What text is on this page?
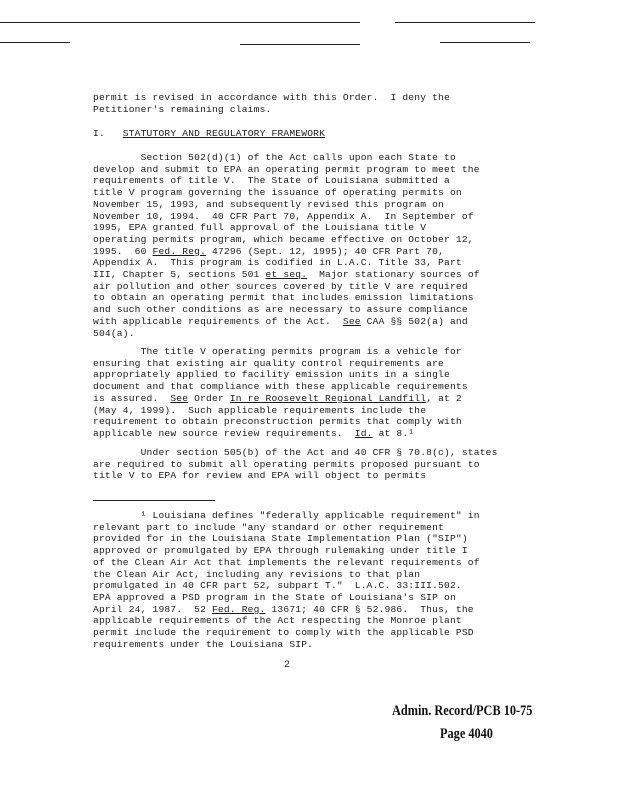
permit is revised in accordance with this Order.  I deny the
Petitioner's remaining claims.
I. STATUTORY AND REGULATORY FRAMEWORK
Section 502(d)(1) of the Act calls upon each State to
develop and submit to EPA an operating permit program to meet the
requirements of title V.  The State of Louisiana submitted a
title V program governing the issuance of operating permits on
November 15, 1993, and subsequently revised this program on
November 10, 1994.  40 CFR Part 70, Appendix A.  In September of
1995, EPA granted full approval of the Louisiana title V
operating permits program, which became effective on October 12,
1995.  60 Fed. Reg. 47296 (Sept. 12, 1995); 40 CFR Part 70,
Appendix A.  This program is codified in L.A.C. Title 33, Part
III, Chapter 5, sections 501 et seq.  Major stationary sources of
air pollution and other sources covered by title V are required
to obtain an operating permit that includes emission limitations
and such other conditions as are necessary to assure compliance
with applicable requirements of the Act.  See CAA §§ 502(a) and
504(a).
The title V operating permits program is a vehicle for
ensuring that existing air quality control requirements are
appropriately applied to facility emission units in a single
document and that compliance with these applicable requirements
is assured.  See Order In re Roosevelt Regional Landfill, at 2
(May 4, 1999).  Such applicable requirements include the
requirement to obtain preconstruction permits that comply with
applicable new source review requirements.  Id. at 8.¹
Under section 505(b) of the Act and 40 CFR § 70.8(c), states
are required to submit all operating permits proposed pursuant to
title V to EPA for review and EPA will object to permits
¹ Louisiana defines "federally applicable requirement" in
relevant part to include "any standard or other requirement
provided for in the Louisiana State Implementation Plan ("SIP")
approved or promulgated by EPA through rulemaking under title I
of the Clean Air Act that implements the relevant requirements of
the Clean Air Act, including any revisions to that plan
promulgated in 40 CFR part 52, subpart T."  L.A.C. 33:III.502.
EPA approved a PSD program in the State of Louisiana's SIP on
April 24, 1987.  52 Fed. Reg. 13671; 40 CFR § 52.986.  Thus, the
applicable requirements of the Act respecting the Monroe plant
permit include the requirement to comply with the applicable PSD
requirements under the Louisiana SIP.
2
Admin. Record/PCB 10-75
Page 4040
